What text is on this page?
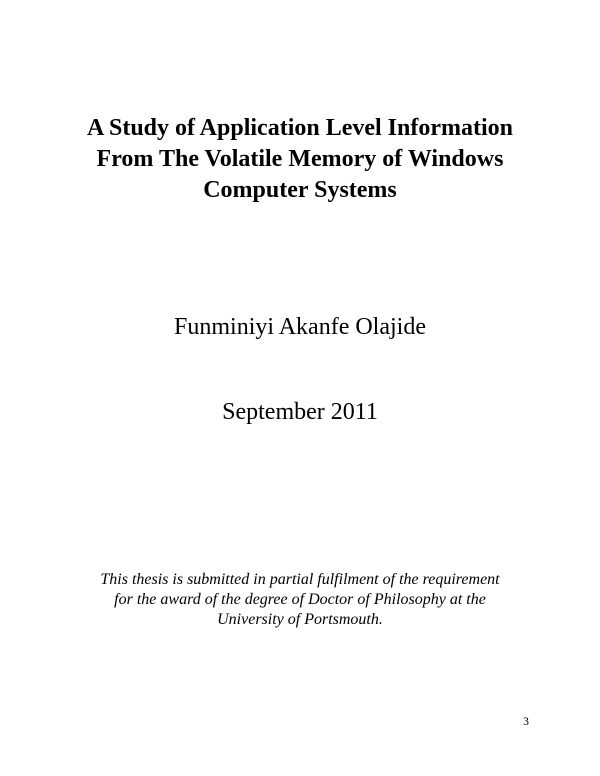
A Study of Application Level Information
From The Volatile Memory of Windows
Computer Systems
Funminiyi Akanfe Olajide
September 2011
This thesis is submitted in partial fulfilment of the requirement
for the award of the degree of Doctor of Philosophy at the
University of Portsmouth.
3
